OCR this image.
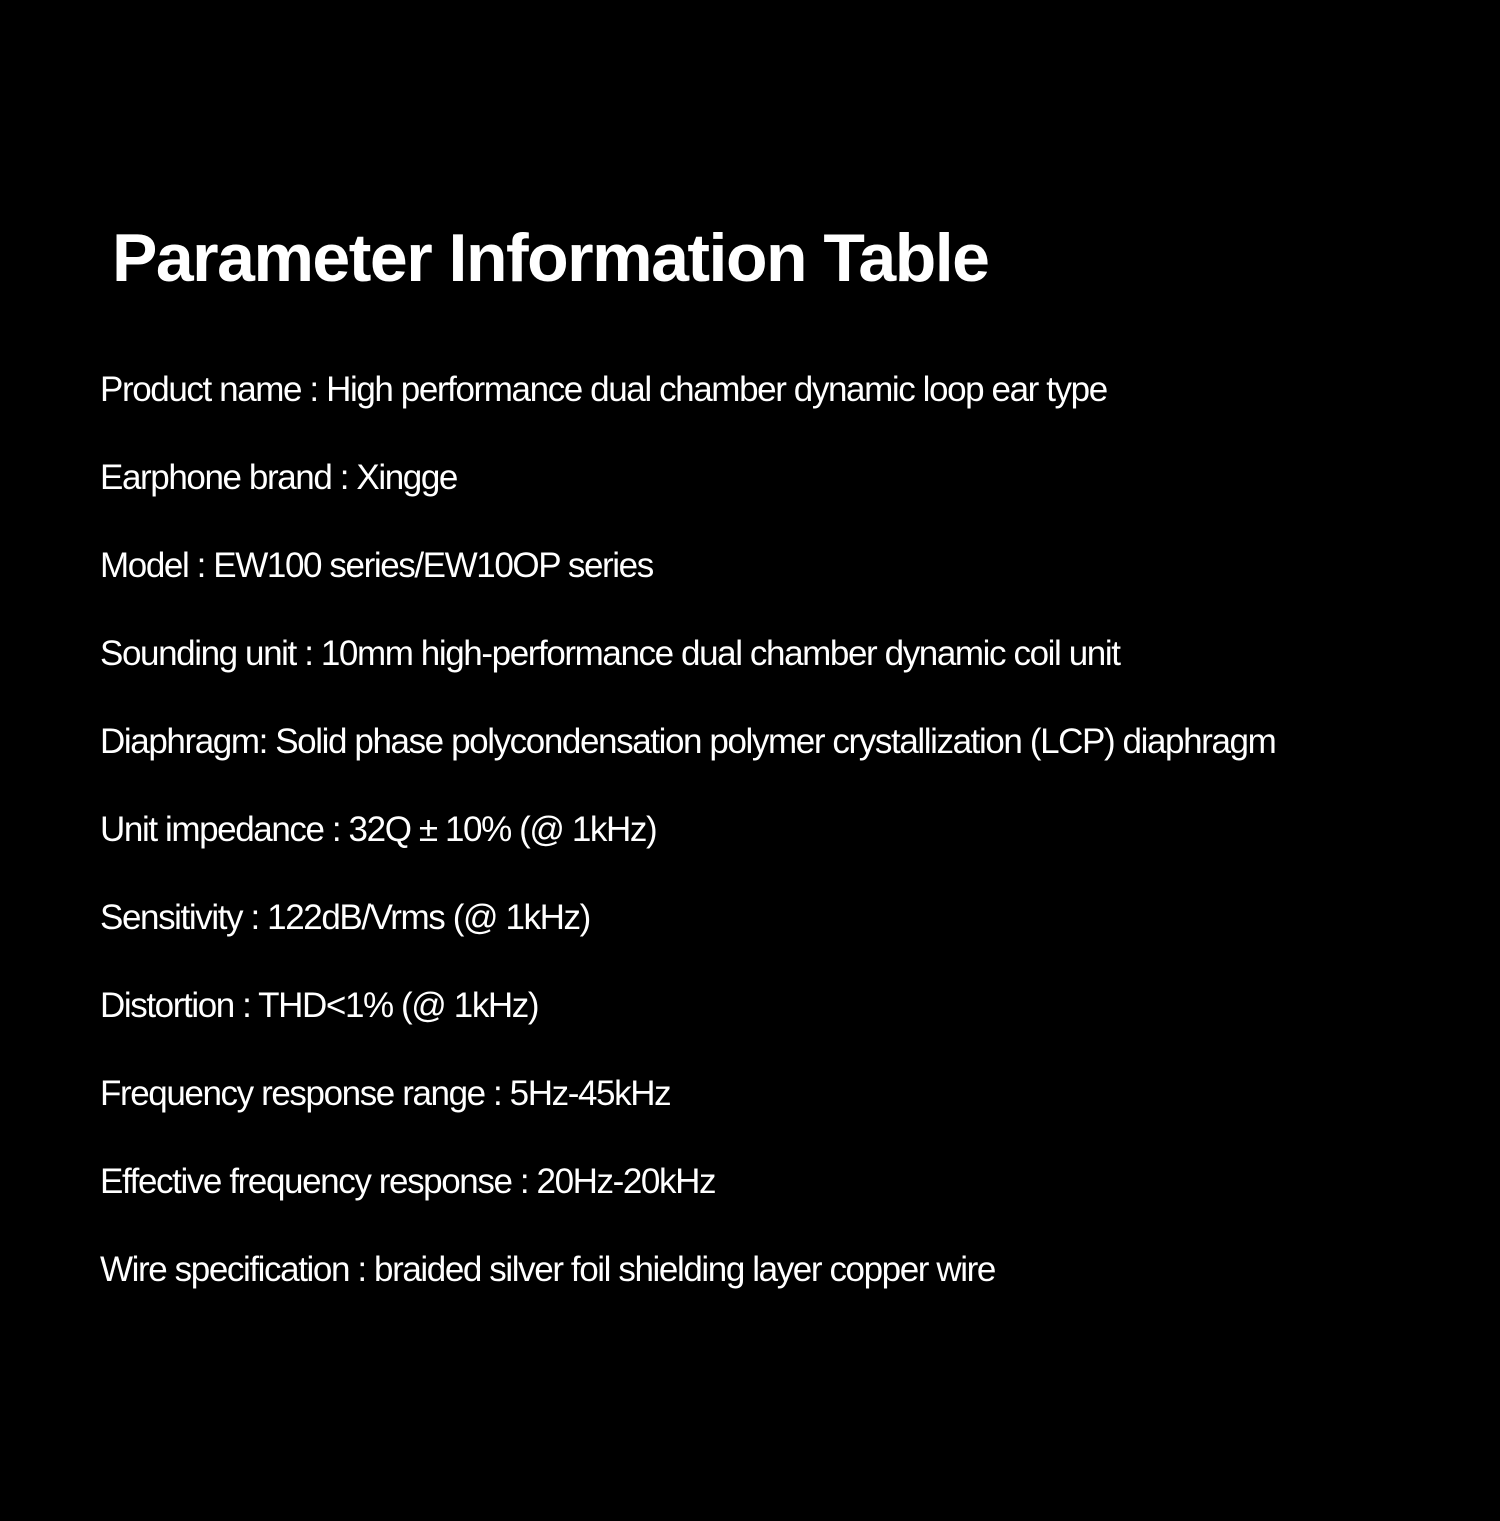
Parameter Information Table
Product name : High performance dual chamber dynamic loop ear type
Earphone brand : Xingge
Model : EW100 series/EW10OP series
Sounding unit : 10mm high-performance dual chamber dynamic coil unit
Diaphragm: Solid phase polycondensation polymer crystallization (LCP) diaphragm
Unit impedance : 32Q ± 10% (@ 1kHz)
Sensitivity : 122dB/Vrms (@ 1kHz)
Distortion : THD<1% (@ 1kHz)
Frequency response range : 5Hz-45kHz
Effective frequency response : 20Hz-20kHz
Wire specification : braided silver foil shielding layer copper wire
